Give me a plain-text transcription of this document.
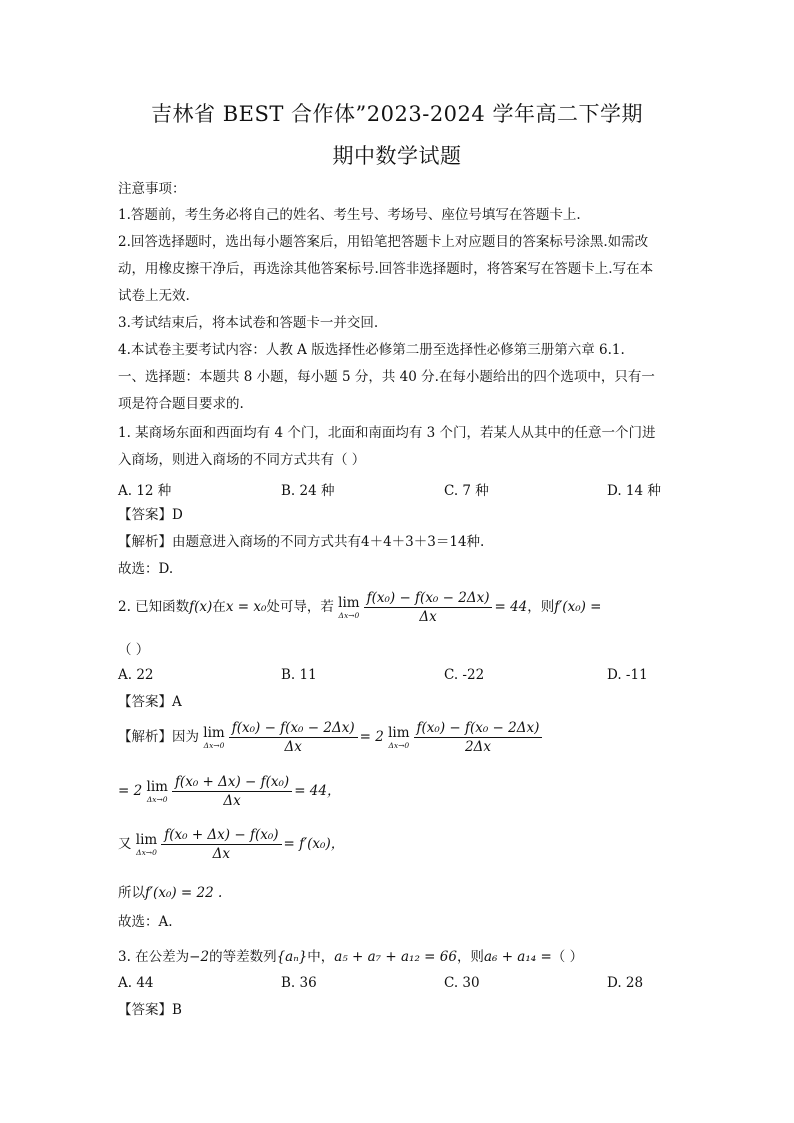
吉林省 BEST 合作体”2023-2024 学年高二下学期
期中数学试题
注意事项：
1.答题前，考生务必将自己的姓名、考生号、考场号、座位号填写在答题卡上.
2.回答选择题时，选出每小题答案后，用铅笔把答题卡上对应题目的答案标号涂黑.如需改
动，用橡皮擦干净后，再选涂其他答案标号.回答非选择题时，将答案写在答题卡上.写在本
试卷上无效.
3.考试结束后，将本试卷和答题卡一并交回.
4.本试卷主要考试内容：人教 A 版选择性必修第二册至选择性必修第三册第六章 6.1.
一、选择题：本题共 8 小题，每小题 5 分，共 40 分.在每小题给出的四个选项中，只有一
项是符合题目要求的.
1. 某商场东面和西面均有 4 个门，北面和南面均有 3 个门，若某人从其中的任意一个门进
入商场，则进入商场的不同方式共有（ ）
A. 12 种	B. 24 种	C. 7 种	D. 14 种
【答案】D
【解析】由题意进入商场的不同方式共有4＋4＋3＋3＝14种.
故选：D.
2. 已知函数f(x)在x = x₀处可导，若 lim
$\Delta x\to 0 \frac{\text{f(x₀) − f(x₀ − 2Δx)}}{\Delta x} = 44$，则f′(x₀) =
（ ）
A. 22	B. 11	C. -22	D. -11
【答案】A
【解析】因为 lim
$\Delta x\to 0 \frac{\text{f(x₀) − f(x₀ − 2Δx)}}{\Delta x} = 2$ lim
$\Delta x\to 0 \frac{\text{f(x₀) − f(x₀ − 2Δx)}}{2\Delta x}$
= 2 lim
$\Delta x\to 0 \frac{\text{f(x₀ + Δx) − f(x₀)}}{\Delta x} = 44$，
又 lim
$\Delta x\to 0 \frac{\text{f(x₀ + Δx) − f(x₀)}}{\Delta x} = f'(x_0)$，
所以f′(x₀) = 22 .
故选：A.
3. 在公差为−2的等差数列{aₙ}中，a₅ + a₇ + a₁₂ = 66，则a₆ + a₁₄ =（ ）
A. 44	B. 36	C. 30	D. 28
【答案】B
